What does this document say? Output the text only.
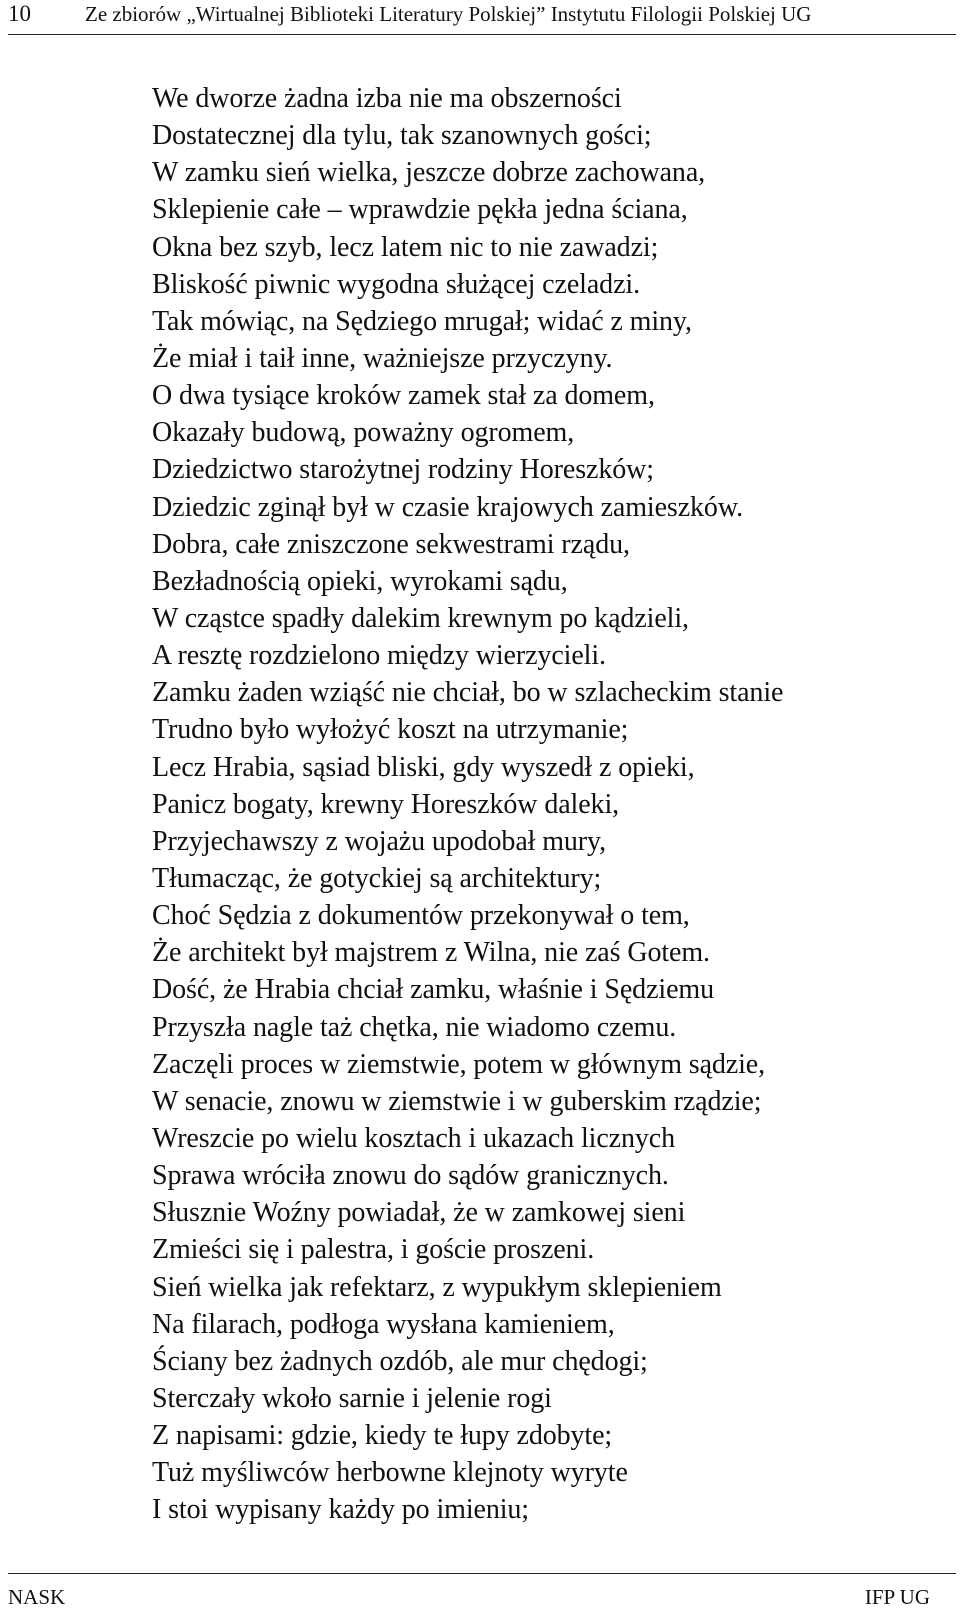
10	Ze zbiorów „Wirtualnej Biblioteki Literatury Polskiej” Instytutu Filologii Polskiej UG
We dworze żadna izba nie ma obszerności
Dostatecznej dla tylu, tak szanownych gości;
W zamku sień wielka, jeszcze dobrze zachowana,
Sklepienie całe – wprawdzie pękła jedna ściana,
Okna bez szyb, lecz latem nic to nie zawadzi;
Bliskość piwnic wygodna służącej czeladzi.
Tak mówiąc, na Sędziego mrugał; widać z miny,
Że miał i taił inne, ważniejsze przyczyny.
O dwa tysiące kroków zamek stał za domem,
Okazały budową, poważny ogromem,
Dziedzictwo starożytnej rodziny Horeszków;
Dziedzic zginął był w czasie krajowych zamieszków.
Dobra, całe zniszczone sekwestrami rządu,
Bezładnością opieki, wyrokami sądu,
W cząstce spadły dalekim krewnym po kądzieli,
A resztę rozdzielono między wierzycieli.
Zamku żaden wziąść nie chciał, bo w szlacheckim stanie
Trudno było wyłożyć koszt na utrzymanie;
Lecz Hrabia, sąsiad bliski, gdy wyszedł z opieki,
Panicz bogaty, krewny Horeszków daleki,
Przyjechawszy z wojażu upodobał mury,
Tłumacząc, że gotyckiej są architektury;
Choć Sędzia z dokumentów przekonywał o tem,
Że architekt był majstrem z Wilna, nie zaś Gotem.
Dość, że Hrabia chciał zamku, właśnie i Sędziemu
Przyszła nagle taż chętka, nie wiadomo czemu.
Zaczęli proces w ziemstwie, potem w głównym sądzie,
W senacie, znowu w ziemstwie i w guberskim rządzie;
Wreszcie po wielu kosztach i ukazach licznych
Sprawa wróciła znowu do sądów granicznych.
Słusznie Woźny powiadał, że w zamkowej sieni
Zmieści się i palestra, i goście proszeni.
Sień wielka jak refektarz, z wypukłym sklepieniem
Na filarach, podłoga wysłana kamieniem,
Ściany bez żadnych ozdób, ale mur chędogi;
Sterczały wkoło sarnie i jelenie rogi
Z napisami: gdzie, kiedy te łupy zdobyte;
Tuż myśliwców herbowne klejnoty wyryte
I stoi wypisany każdy po imieniu;
NASK	IFP UG
